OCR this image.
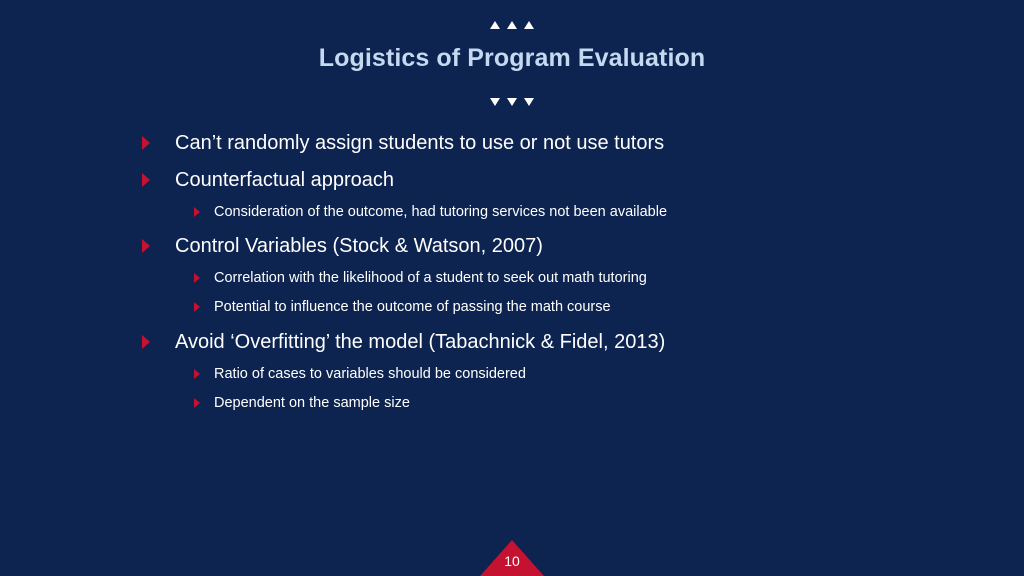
Logistics of Program Evaluation
Can’t randomly assign students to use or not use tutors
Counterfactual approach
Consideration of the outcome, had tutoring services not been available
Control Variables (Stock & Watson, 2007)
Correlation with the likelihood of a student to seek out math tutoring
Potential to influence the outcome of passing the math course
Avoid ‘Overfitting’ the model (Tabachnick & Fidel, 2013)
Ratio of cases to variables should be considered
Dependent on the sample size
10
